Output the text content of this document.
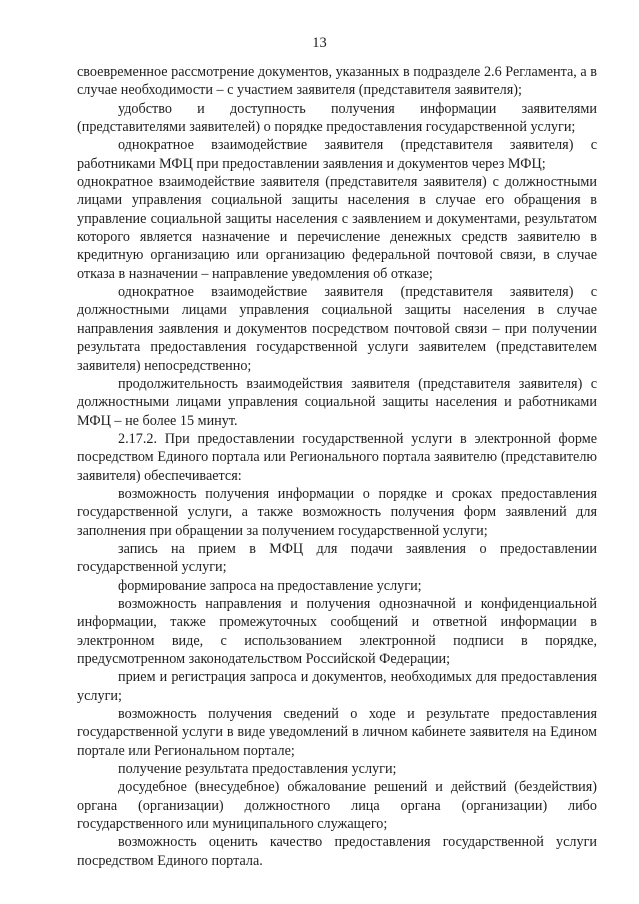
13

своевременное рассмотрение документов, указанных в подразделе 2.6 Регламента, а в случае необходимости – с участием заявителя (представителя заявителя);

удобство и доступность получения информации заявителями (представителями заявителей) о порядке предоставления государственной услуги;

однократное взаимодействие заявителя (представителя заявителя) с работниками МФЦ при предоставлении заявления и документов через МФЦ;

однократное взаимодействие заявителя (представителя заявителя) с должностными лицами управления социальной защиты населения в случае его обращения в управление социальной защиты населения с заявлением и документами, результатом которого является назначение и перечисление денежных средств заявителю в кредитную организацию или организацию федеральной почтовой связи, в случае отказа в назначении – направление уведомления об отказе;

однократное взаимодействие заявителя (представителя заявителя) с должностными лицами управления социальной защиты населения в случае направления заявления и документов посредством почтовой связи – при получении результата предоставления государственной услуги заявителем (представителем заявителя) непосредственно;

продолжительность взаимодействия заявителя (представителя заявителя) с должностными лицами управления социальной защиты населения и работниками МФЦ – не более 15 минут.

2.17.2. При предоставлении государственной услуги в электронной форме посредством Единого портала или Регионального портала заявителю (представителю заявителя) обеспечивается:

возможность получения информации о порядке и сроках предоставления государственной услуги, а также возможность получения форм заявлений для заполнения при обращении за получением государственной услуги;

запись на прием в МФЦ для подачи заявления о предоставлении государственной услуги;

формирование запроса на предоставление услуги;

возможность направления и получения однозначной и конфиденциальной информации, также промежуточных сообщений и ответной информации в электронном виде, с использованием электронной подписи в порядке, предусмотренном законодательством Российской Федерации;

прием и регистрация запроса и документов, необходимых для предоставления услуги;

возможность получения сведений о ходе и результате предоставления государственной услуги в виде уведомлений в личном кабинете заявителя на Едином портале или Региональном портале;

получение результата предоставления услуги;

досудебное (внесудебное) обжалование решений и действий (бездействия) органа (организации) должностного лица органа (организации) либо государственного или муниципального служащего;

возможность оценить качество предоставления государственной услуги посредством Единого портала.
